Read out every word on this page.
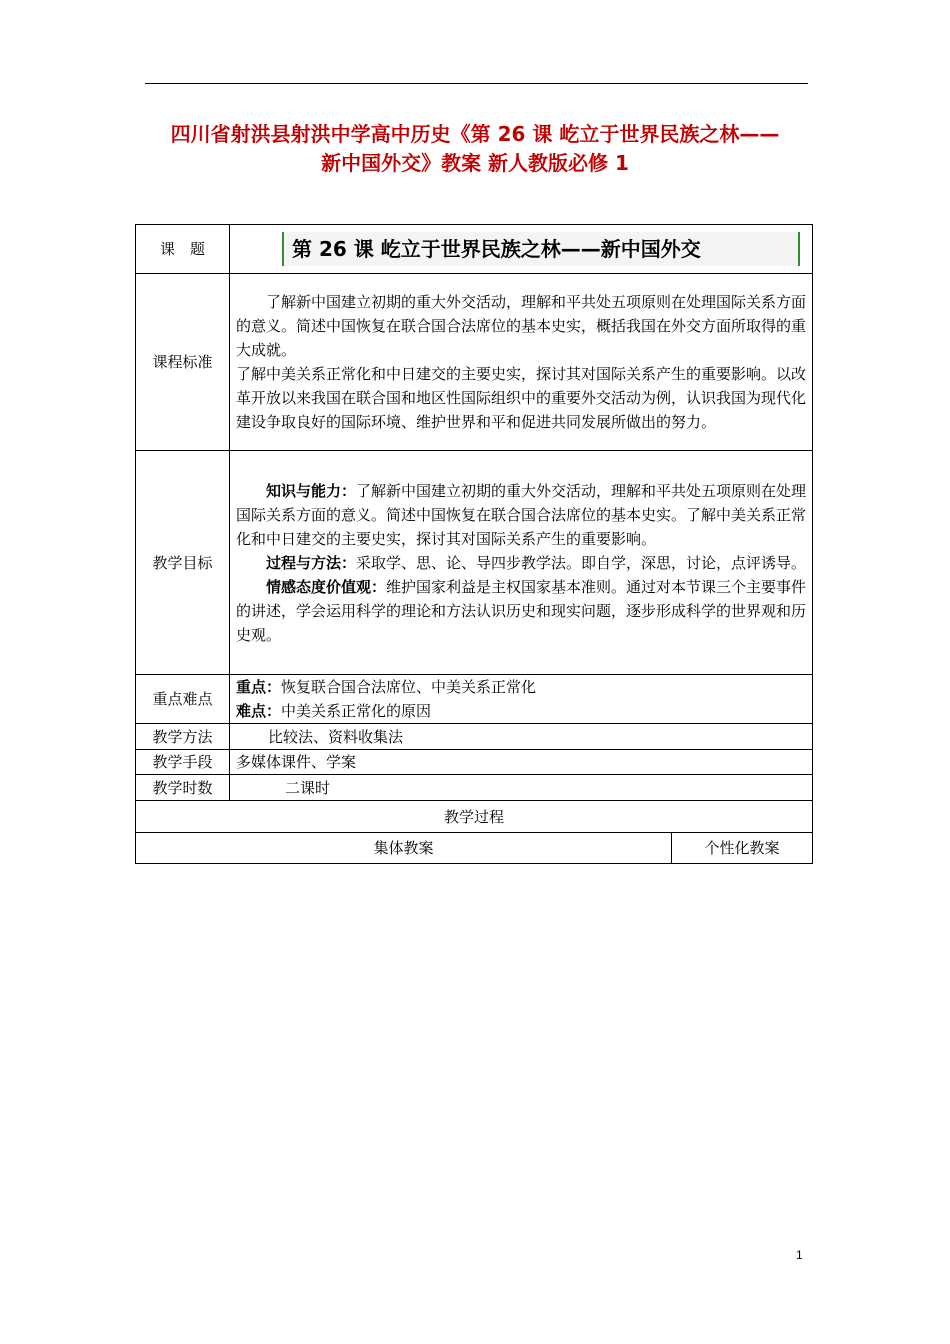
四川省射洪县射洪中学高中历史《第 26 课 屹立于世界民族之林——
新中国外交》教案 新人教版必修 1
课　题	第 26 课 屹立于世界民族之林——新中国外交	

课程标准	了解新中国建立初期的重大外交活动，理解和平共处五项原则在处理国际关系方面的意义。简述中国恢复在联合国合法席位的基本史实，概括我国在外交方面所取得的重大成就。
了解中美关系正常化和中日建交的主要史实，探讨其对国际关系产生的重要影响。以改革开放以来我国在联合国和地区性国际组织中的重要外交活动为例，认识我国为现代化建设争取良好的国际环境、维护世界和平和促进共同发展所做出的努力。	

教学目标	知识与能力：了解新中国建立初期的重大外交活动，理解和平共处五项原则在处理国际关系方面的意义。简述中国恢复在联合国合法席位的基本史实。了解中美关系正常化和中日建交的主要史实，探讨其对国际关系产生的重要影响。
过程与方法：采取学、思、论、导四步教学法。即自学，深思，讨论，点评诱导。
情感态度价值观：维护国家利益是主权国家基本准则。通过对本节课三个主要事件的讲述，学会运用科学的理论和方法认识历史和现实问题，逐步形成科学的世界观和历史观。	

重点难点	重点：恢复联合国合法席位、中美关系正常化
难点：中美关系正常化的原因	

教学方法	比较法、资料收集法	
教学手段	多媒体课件、学案	
教学时数	二课时	
教学过程		
集体教案		个性化教案
1
